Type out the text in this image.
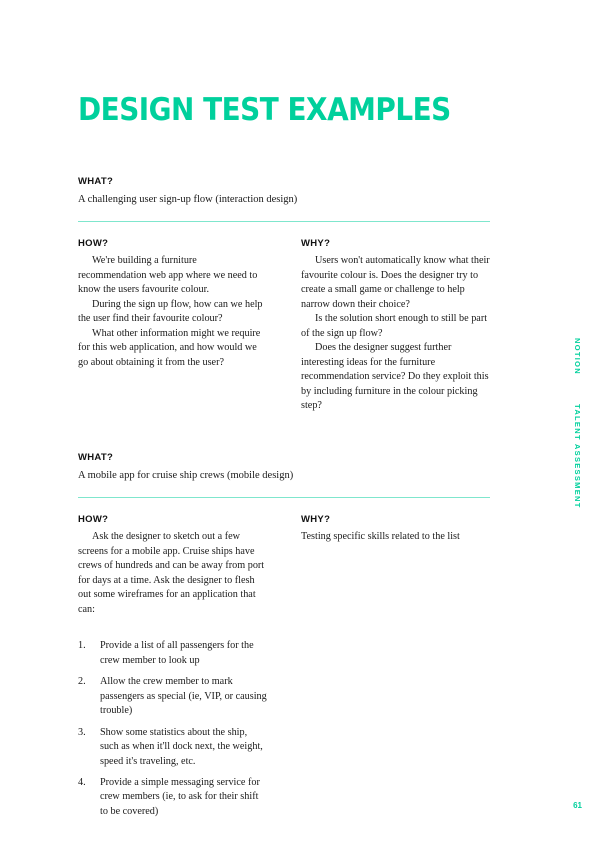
DESIGN TEST EXAMPLES
WHAT?

A challenging user sign-up flow (interaction design)

HOW?

We're building a furniture recommendation web app where we need to know the users favourite colour.

During the sign up flow, how can we help the user find their favourite colour?

What other information might we require for this web application, and how would we go about obtaining it from the user?

WHY?

Users won't automatically know what their favourite colour is. Does the designer try to create a small game or challenge to help narrow down their choice?

Is the solution short enough to still be part of the sign up flow?

Does the designer suggest further interesting ideas for the furniture recommendation service? Do they exploit this by including furniture in the colour picking step?

WHAT?

A mobile app for cruise ship crews (mobile design)

HOW?

Ask the designer to sketch out a few screens for a mobile app. Cruise ships have crews of hundreds and can be away from port for days at a time. Ask the designer to flesh out some wireframes for an application that can:

1.	Provide a list of all passengers for the crew member to look up
2.	Allow the crew member to mark passengers as special (ie, VIP, or causing trouble)
3.	Show some statistics about the ship, such as when it'll dock next, the weight, speed it's traveling, etc.
4.	Provide a simple messaging service for crew members (ie, to ask for their shift to be covered)
WHY?

Testing specific skills related to the list

NOTION
TALENT ASSESSMENT
61
